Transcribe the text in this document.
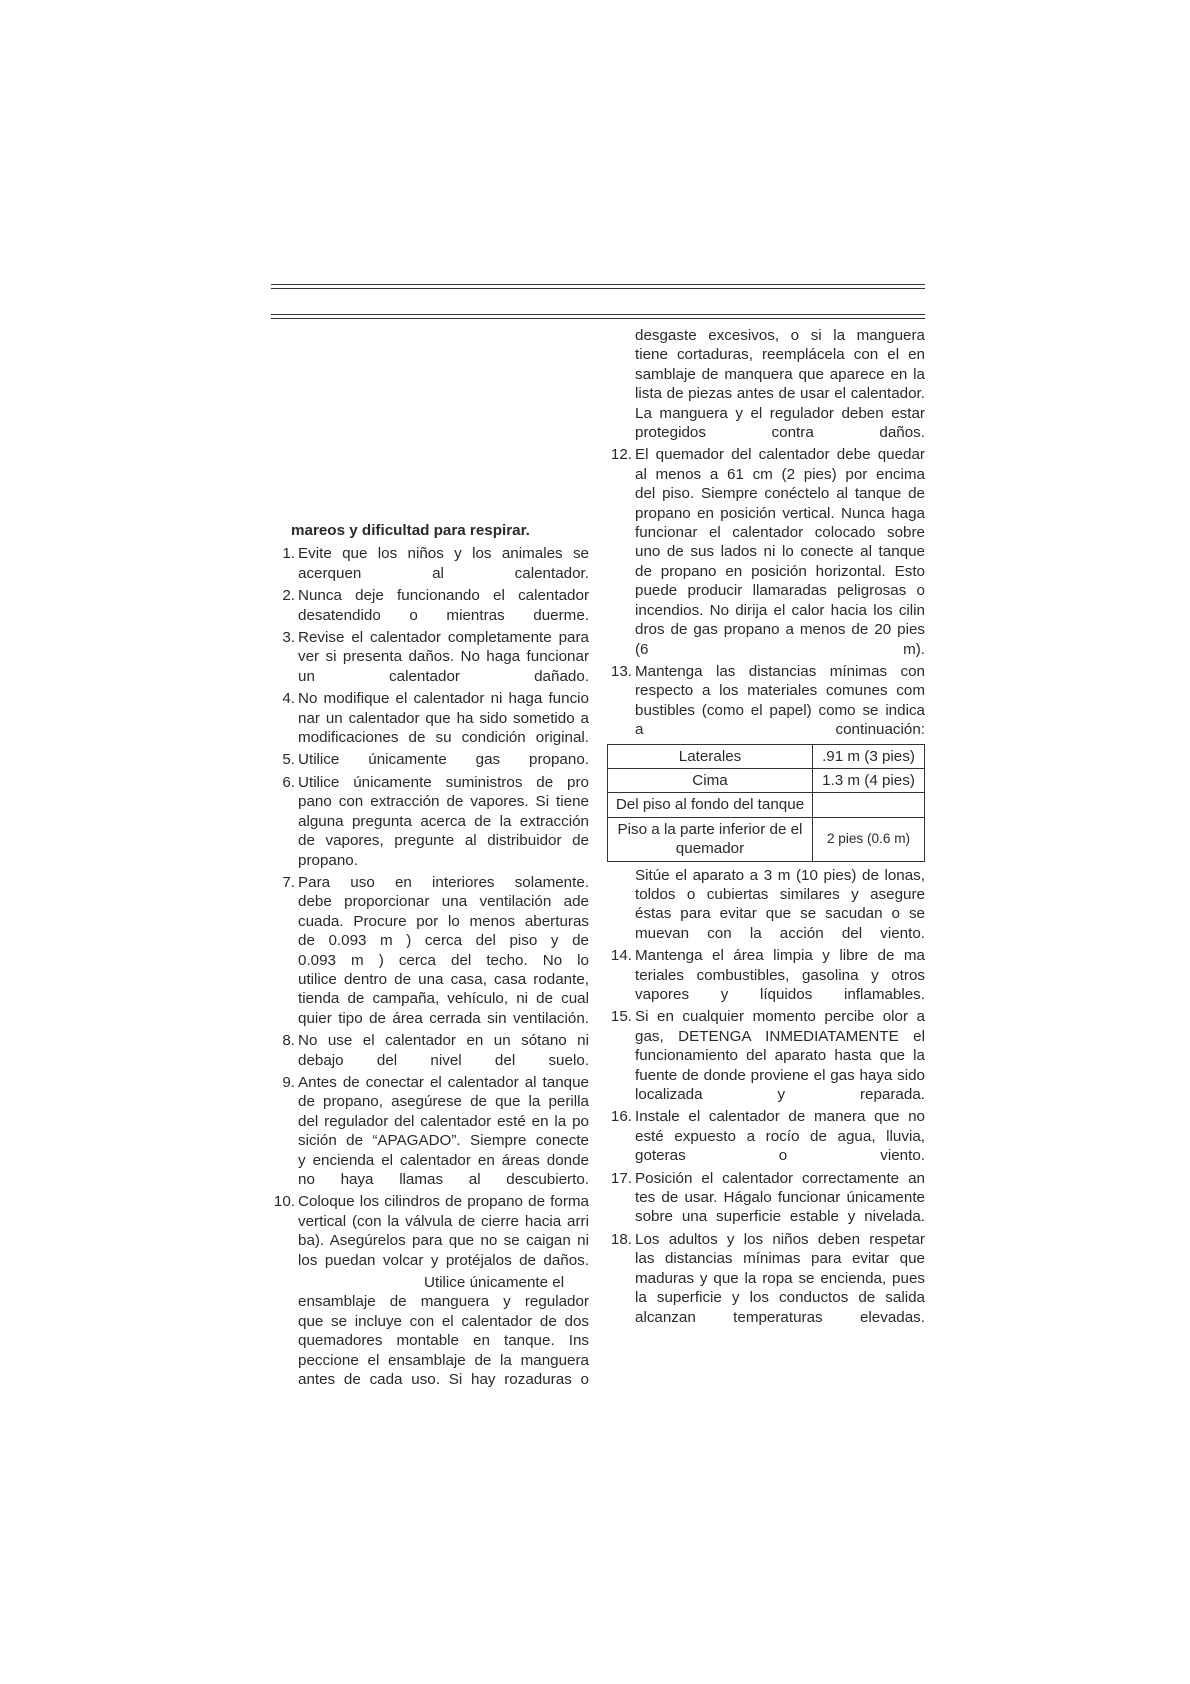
mareos y dificultad para respirar.
1. Evite que los niños y los animales se
acerquen al calentador.
2. Nunca deje funcionando el calentador
desatendido o mientras duerme.
3. Revise el calentador completamente para
ver si presenta daños. No haga funcionar
un calentador dañado.
4. No modifique el calentador ni haga funcio
nar un calentador que ha sido sometido a
modificaciones de su condición original.
5. Utilice únicamente gas propano.
6. Utilice únicamente suministros de pro
pano con extracción de vapores. Si tiene
alguna pregunta acerca de la extracción
de vapores, pregunte al distribuidor de
propano.
7. Para uso en interiores solamente.
debe proporcionar una ventilación ade
cuada. Procure por lo menos aberturas
de 0.093 m ) cerca del piso y de
0.093 m ) cerca del techo. No lo
utilice dentro de una casa, casa rodante,
tienda de campaña, vehículo, ni de cual
quier tipo de área cerrada sin ventilación.
8. No use el calentador en un sótano ni
debajo del nivel del suelo.
9. Antes de conectar el calentador al tanque
de propano, asegúrese de que la perilla
del regulador del calentador esté en la po
sición de “APAGADO”. Siempre conecte
y encienda el calentador en áreas donde
no haya llamas al descubierto.
10. Coloque los cilindros de propano de forma
vertical (con la válvula de cierre hacia arri
ba). Asegúrelos para que no se caigan ni
los puedan volcar y protéjalos de daños.
Utilice únicamente el
ensamblaje de manguera y regulador
que se incluye con el calentador de dos
quemadores montable en tanque. Ins
peccione el ensamblaje de la manguera
antes de cada uso. Si hay rozaduras o
desgaste excesivos, o si la manguera
tiene cortaduras, reemplácela con el en
samblaje de manquera que aparece en la
lista de piezas antes de usar el calentador.
La manguera y el regulador deben estar
protegidos contra daños.
12. El quemador del calentador debe quedar
al menos a 61 cm (2 pies) por encima
del piso. Siempre conéctelo al tanque de
propano en posición vertical. Nunca haga
funcionar el calentador colocado sobre
uno de sus lados ni lo conecte al tanque
de propano en posición horizontal. Esto
puede producir llamaradas peligrosas o
incendios. No dirija el calor hacia los cilin
dros de gas propano a menos de 20 pies
(6 m).
13. Mantenga las distancias mínimas con
respecto a los materiales comunes com
bustibles (como el papel) como se indica
a continuación:
Laterales	.91 m (3 pies)
Cima	1.3 m (4 pies)
Del piso al fondo del tanque	
Piso a la parte inferior de el quemador	2 pies (0.6 m)
Sitúe el aparato a 3 m (10 pies) de lonas,
toldos o cubiertas similares y asegure
éstas para evitar que se sacudan o se
muevan con la acción del viento.
14. Mantenga el área limpia y libre de ma
teriales combustibles, gasolina y otros
vapores y líquidos inflamables.
15. Si en cualquier momento percibe olor a
gas, DETENGA INMEDIATAMENTE el
funcionamiento del aparato hasta que la
fuente de donde proviene el gas haya sido
localizada y reparada.
16. Instale el calentador de manera que no
esté expuesto a rocío de agua, lluvia,
goteras o viento.
17. Posición el calentador correctamente an
tes de usar. Hágalo funcionar únicamente
sobre una superficie estable y nivelada.
18. Los adultos y los niños deben respetar
las distancias mínimas para evitar que
maduras y que la ropa se encienda, pues
la superficie y los conductos de salida
alcanzan temperaturas elevadas.
